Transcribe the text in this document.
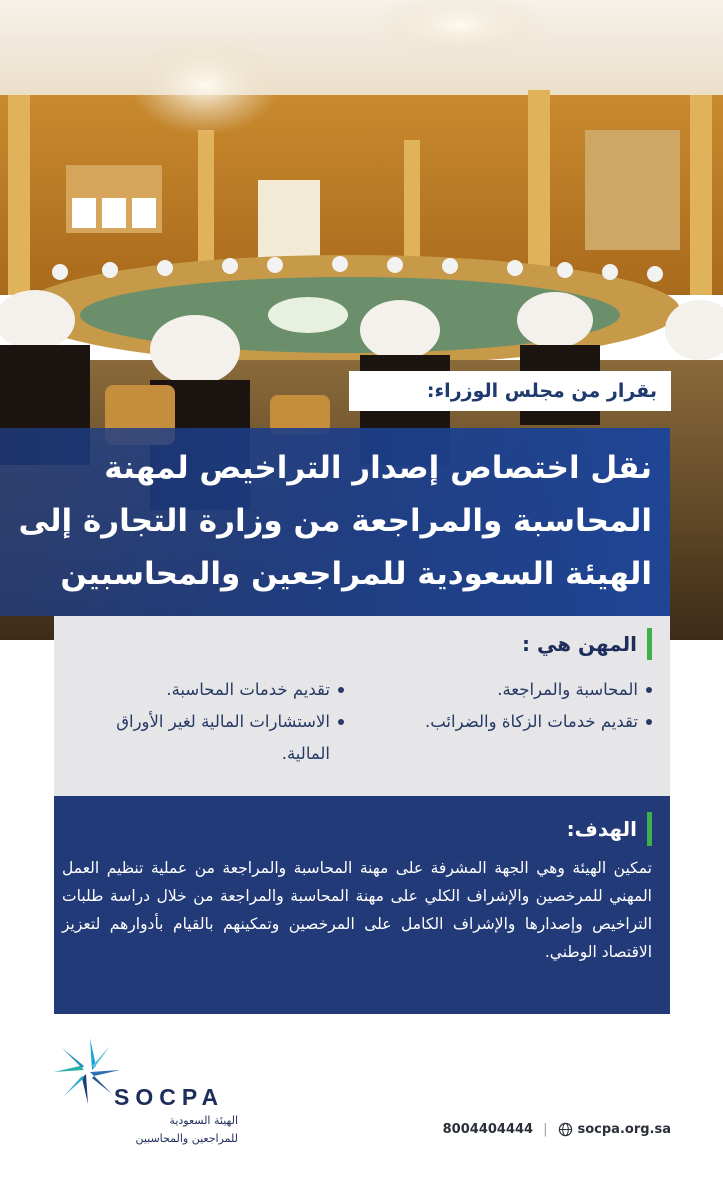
بقرار من مجلس الوزراء:
نقل اختصاص إصدار التراخيص لمهنة
المحاسبة والمراجعة من وزارة التجارة إلى
الهيئة السعودية للمراجعين والمحاسبين
المهن هي :
المحاسبة والمراجعة.
تقديم خدمات الزكاة والضرائب.
تقديم خدمات المحاسبة.
الاستشارات المالية لغير الأوراق المالية.
الهدف:

تمكين الهيئة وهي الجهة المشرفة على مهنة المحاسبة والمراجعة من عملية تنظيم العمل المهني للمرخصين والإشراف الكلي على مهنة المحاسبة والمراجعة من خلال دراسة طلبات التراخيص وإصدارها والإشراف الكامل على المرخصين وتمكينهم بالقيام بأدوارهم لتعزيز الاقتصاد الوطني.

SOCPA
الهيئة السعودية
للمراجعين والمحاسبين
8004404444 | socpa.org.sa
